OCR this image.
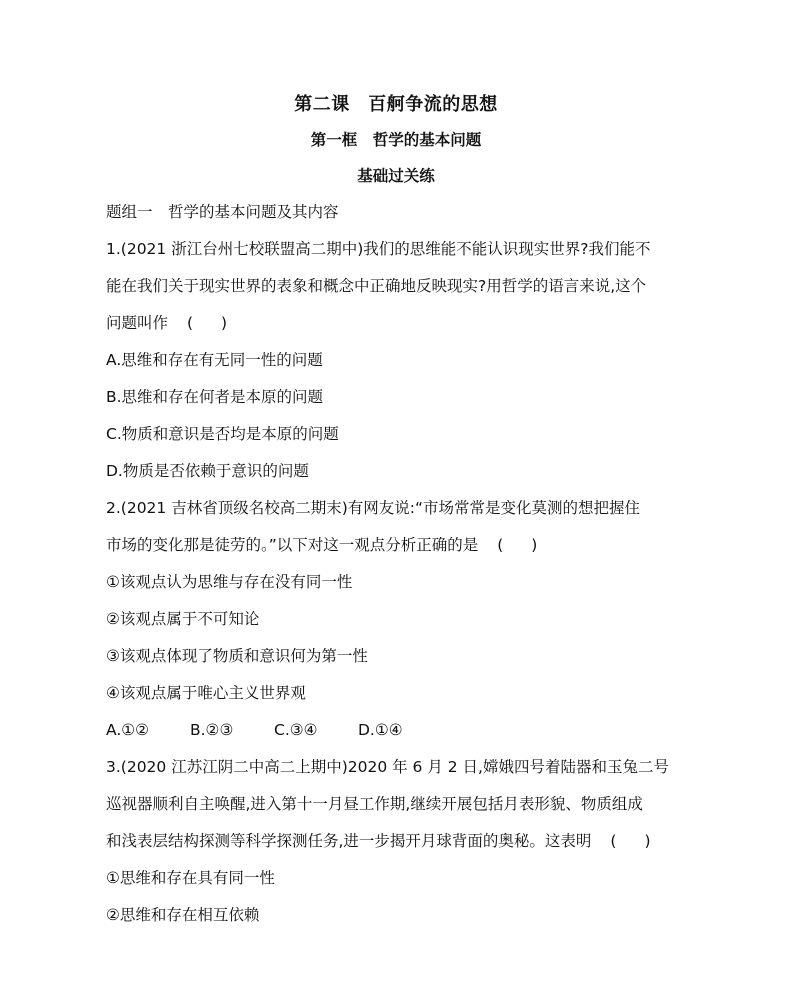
第二课　百舸争流的思想
第一框　哲学的基本问题
基础过关练

题组一　哲学的基本问题及其内容

1.(2021 浙江台州七校联盟高二期中)我们的思维能不能认识现实世界?我们能不
能在我们关于现实世界的表象和概念中正确地反映现实?用哲学的语言来说,这个
问题叫作 ( )

A.思维和存在有无同一性的问题

B.思维和存在何者是本原的问题

C.物质和意识是否均是本原的问题

D.物质是否依赖于意识的问题

2.(2021 吉林省顶级名校高二期末)有网友说:“市场常常是变化莫测的想把握住
市场的变化那是徒劳的。”以下对这一观点分析正确的是 ( )

①该观点认为思维与存在没有同一性

②该观点属于不可知论

③该观点体现了物质和意识何为第一性

④该观点属于唯心主义世界观

A.①②	B.②③	C.③④	D.①④
3.(2020 江苏江阴二中高二上期中)2020 年 6 月 2 日,嫦娥四号着陆器和玉兔二号
巡视器顺利自主唤醒,进入第十一月昼工作期,继续开展包括月表形貌、物质组成
和浅表层结构探测等科学探测任务,进一步揭开月球背面的奥秘。这表明 ( )

①思维和存在具有同一性

②思维和存在相互依赖
